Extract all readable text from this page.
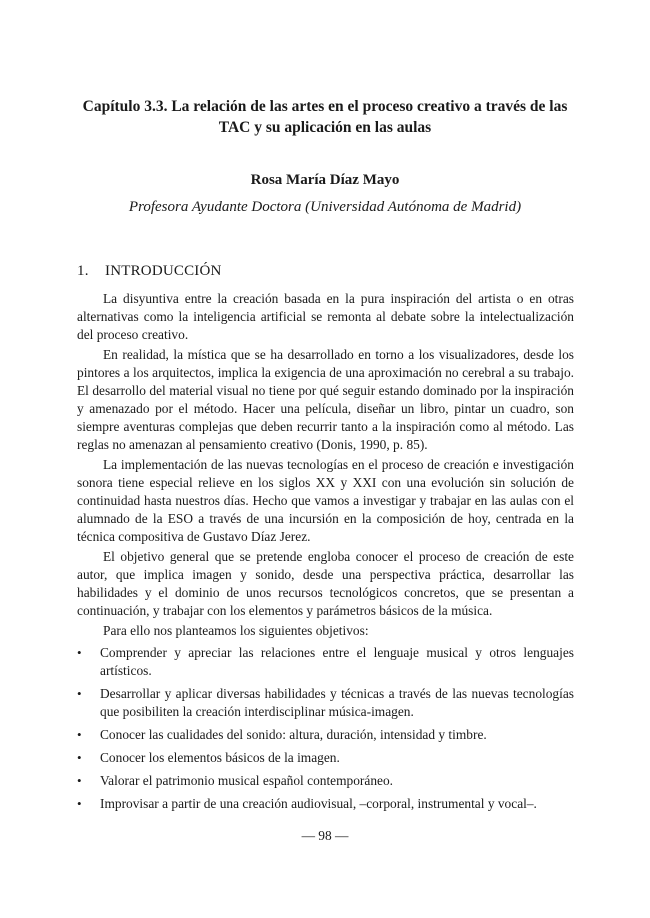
Capítulo 3.3. La relación de las artes en el proceso creativo a través de las TAC y su aplicación en las aulas
Rosa María Díaz Mayo
Profesora Ayudante Doctora (Universidad Autónoma de Madrid)
1. INTRODUCCIÓN

La disyuntiva entre la creación basada en la pura inspiración del artista o en otras alternativas como la inteligencia artificial se remonta al debate sobre la intelectualización del proceso creativo.

En realidad, la mística que se ha desarrollado en torno a los visualizadores, desde los pintores a los arquitectos, implica la exigencia de una aproximación no cerebral a su trabajo. El desarrollo del material visual no tiene por qué seguir estando dominado por la inspiración y amenazado por el método. Hacer una película, diseñar un libro, pintar un cuadro, son siempre aventuras complejas que deben recurrir tanto a la inspiración como al método. Las reglas no amenazan al pensamiento creativo (Donis, 1990, p. 85).

La implementación de las nuevas tecnologías en el proceso de creación e investigación sonora tiene especial relieve en los siglos XX y XXI con una evolución sin solución de continuidad hasta nuestros días. Hecho que vamos a investigar y trabajar en las aulas con el alumnado de la ESO a través de una incursión en la composición de hoy, centrada en la técnica compositiva de Gustavo Díaz Jerez.

El objetivo general que se pretende engloba conocer el proceso de creación de este autor, que implica imagen y sonido, desde una perspectiva práctica, desarrollar las habilidades y el dominio de unos recursos tecnológicos concretos, que se presentan a continuación, y trabajar con los elementos y parámetros básicos de la música.

Para ello nos planteamos los siguientes objetivos:

• Comprender y apreciar las relaciones entre el lenguaje musical y otros lenguajes artísticos.
• Desarrollar y aplicar diversas habilidades y técnicas a través de las nuevas tecnologías que posibiliten la creación interdisciplinar música-imagen.
• Conocer las cualidades del sonido: altura, duración, intensidad y timbre.
• Conocer los elementos básicos de la imagen.
• Valorar el patrimonio musical español contemporáneo.
• Improvisar a partir de una creación audiovisual, –corporal, instrumental y vocal–.
— 98 —
